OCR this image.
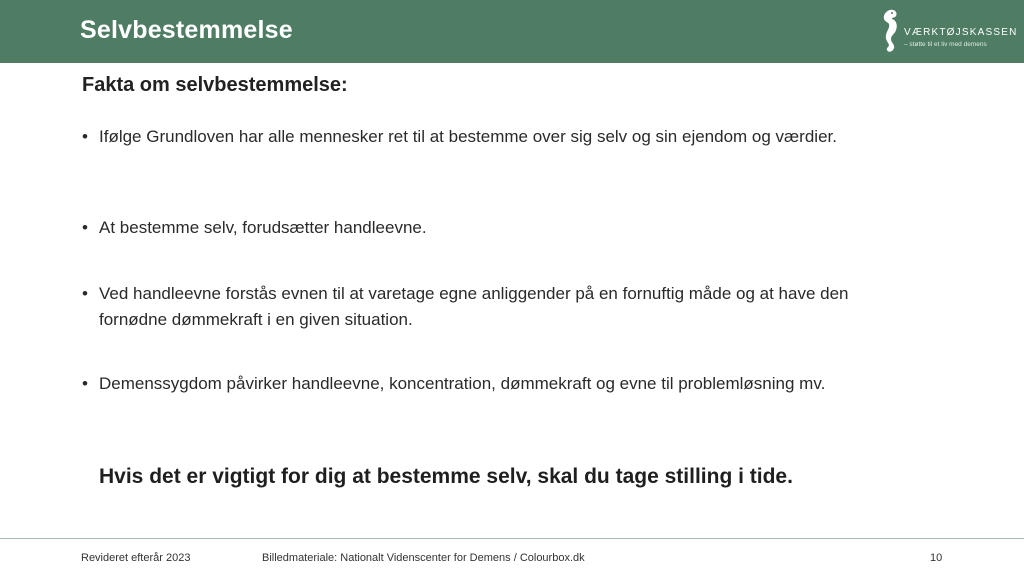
Selvbestemmelse	VÆRKTØJSKASSEN
– støtte til et liv med demens
Fakta om selvbestemmelse:
• Ifølge Grundloven har alle mennesker ret til at bestemme over sig selv og sin ejendom og værdier.
• At bestemme selv, forudsætter handleevne.
• Ved handleevne forstås evnen til at varetage egne anliggender på en fornuftig måde og at have den fornødne dømmekraft i en given situation.
• Demenssygdom påvirker handleevne, koncentration, dømmekraft og evne til problemløsning mv.
Hvis det er vigtigt for dig at bestemme selv, skal du tage stilling i tide.
Revideret efterår 2023	Billedmateriale: Nationalt Videnscenter for Demens / Colourbox.dk	10
